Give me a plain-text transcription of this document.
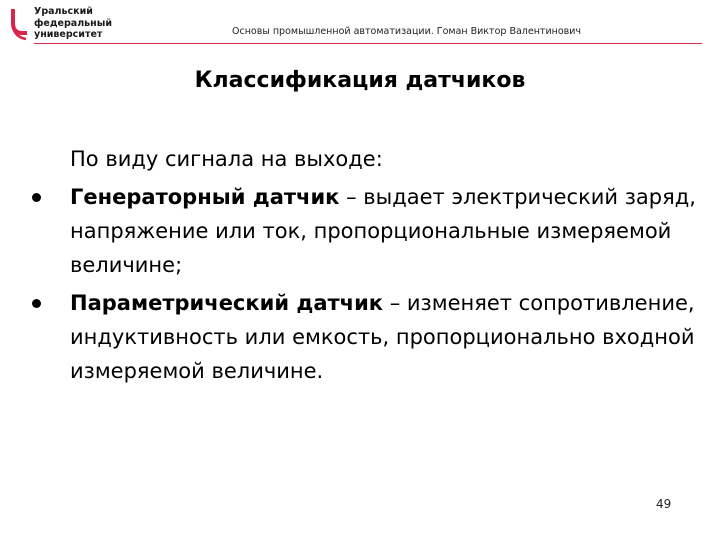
Уральский
федеральный
университет	Основы промышленной автоматизации. Гоман Виктор Валентинович
Классификация датчиков
По виду сигнала на выходе:
Генераторный датчик – выдает электрический заряд, напряжение или ток, пропорциональные измеряемой величине;
Параметрический датчик – изменяет сопротивление, индуктивность или емкость, пропорционально входной измеряемой величине.
49
